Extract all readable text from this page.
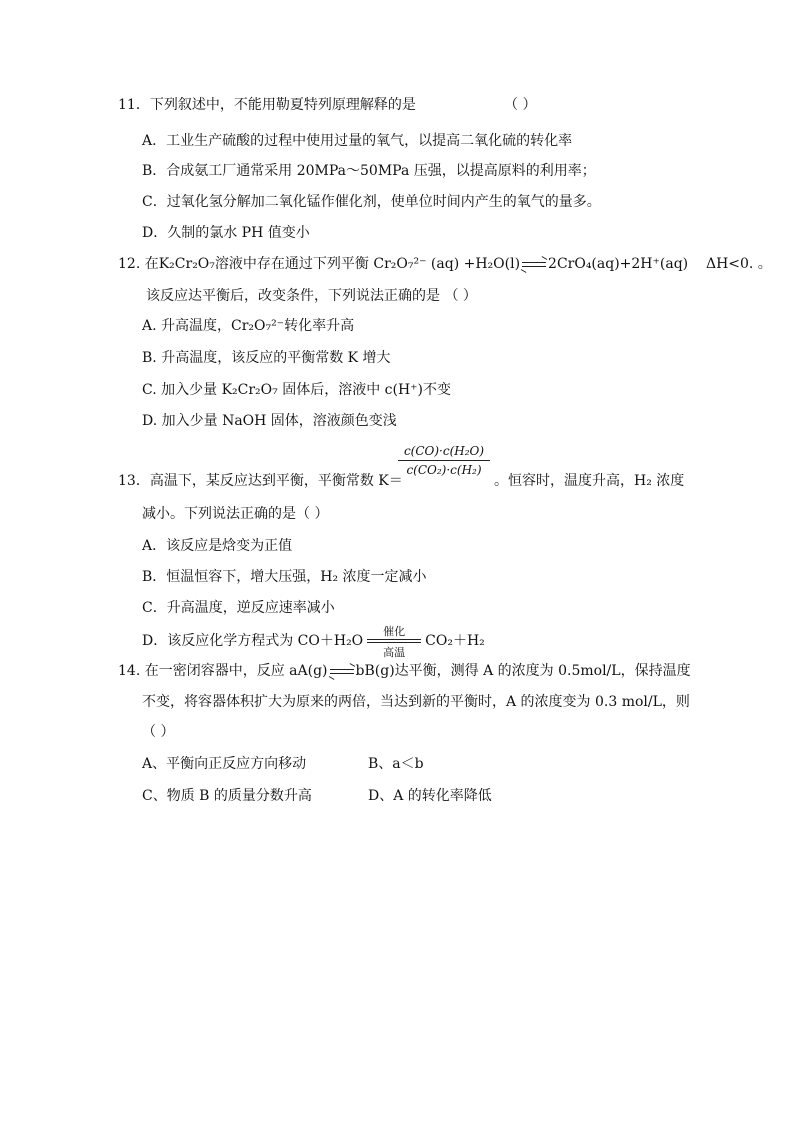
11．下列叙述中，不能用勒夏特列原理解释的是	（ ）
A．工业生产硫酸的过程中使用过量的氧气，以提高二氧化硫的转化率
B．合成氨工厂通常采用 20MPa～50MPa 压强，以提高原料的利用率；
C．过氧化氢分解加二氧化锰作催化剂，使单位时间内产生的氧气的量多。
D．久制的氯水 PH 值变小
12. 在K₂Cr₂O₇溶液中存在通过下列平衡 Cr₂O₇²⁻ (aq) +H₂O(l) 2CrO₄(aq)+2H⁺(aq) ΔH<0. 。
该反应达平衡后，改变条件，下列说法正确的是 （ ）
A. 升高温度，Cr₂O₇²⁻转化率升高
B. 升高温度，该反应的平衡常数 K 增大
C. 加入少量 K₂Cr₂O₇ 固体后，溶液中 c(H⁺)不变
D. 加入少量 NaOH 固体，溶液颜色变浅
$\frac{\text{c(CO)·c(H₂O)}}{\text{c(CO₂)·c(H₂)}}$
13．高温下，某反应达到平衡，平衡常数 K＝	。恒容时，温度升高，H₂ 浓度
减小。下列说法正确的是（ ）
A．该反应是焓变为正值
B．恒温恒容下，增大压强，H₂ 浓度一定减小
C．升高温度，逆反应速率减小
D．该反应化学方程式为 CO＋H₂O
催化
高温
CO₂＋H₂
14. 在一密闭容器中，反应 aA(g) bB(g)达平衡，测得 A 的浓度为 0.5mol/L，保持温度
不变，将容器体积扩大为原来的两倍，当达到新的平衡时，A 的浓度变为 0.3 mol/L，则
（ ）
A、平衡向正反应方向移动	B、a＜b
C、物质 B 的质量分数升高	D、A 的转化率降低
